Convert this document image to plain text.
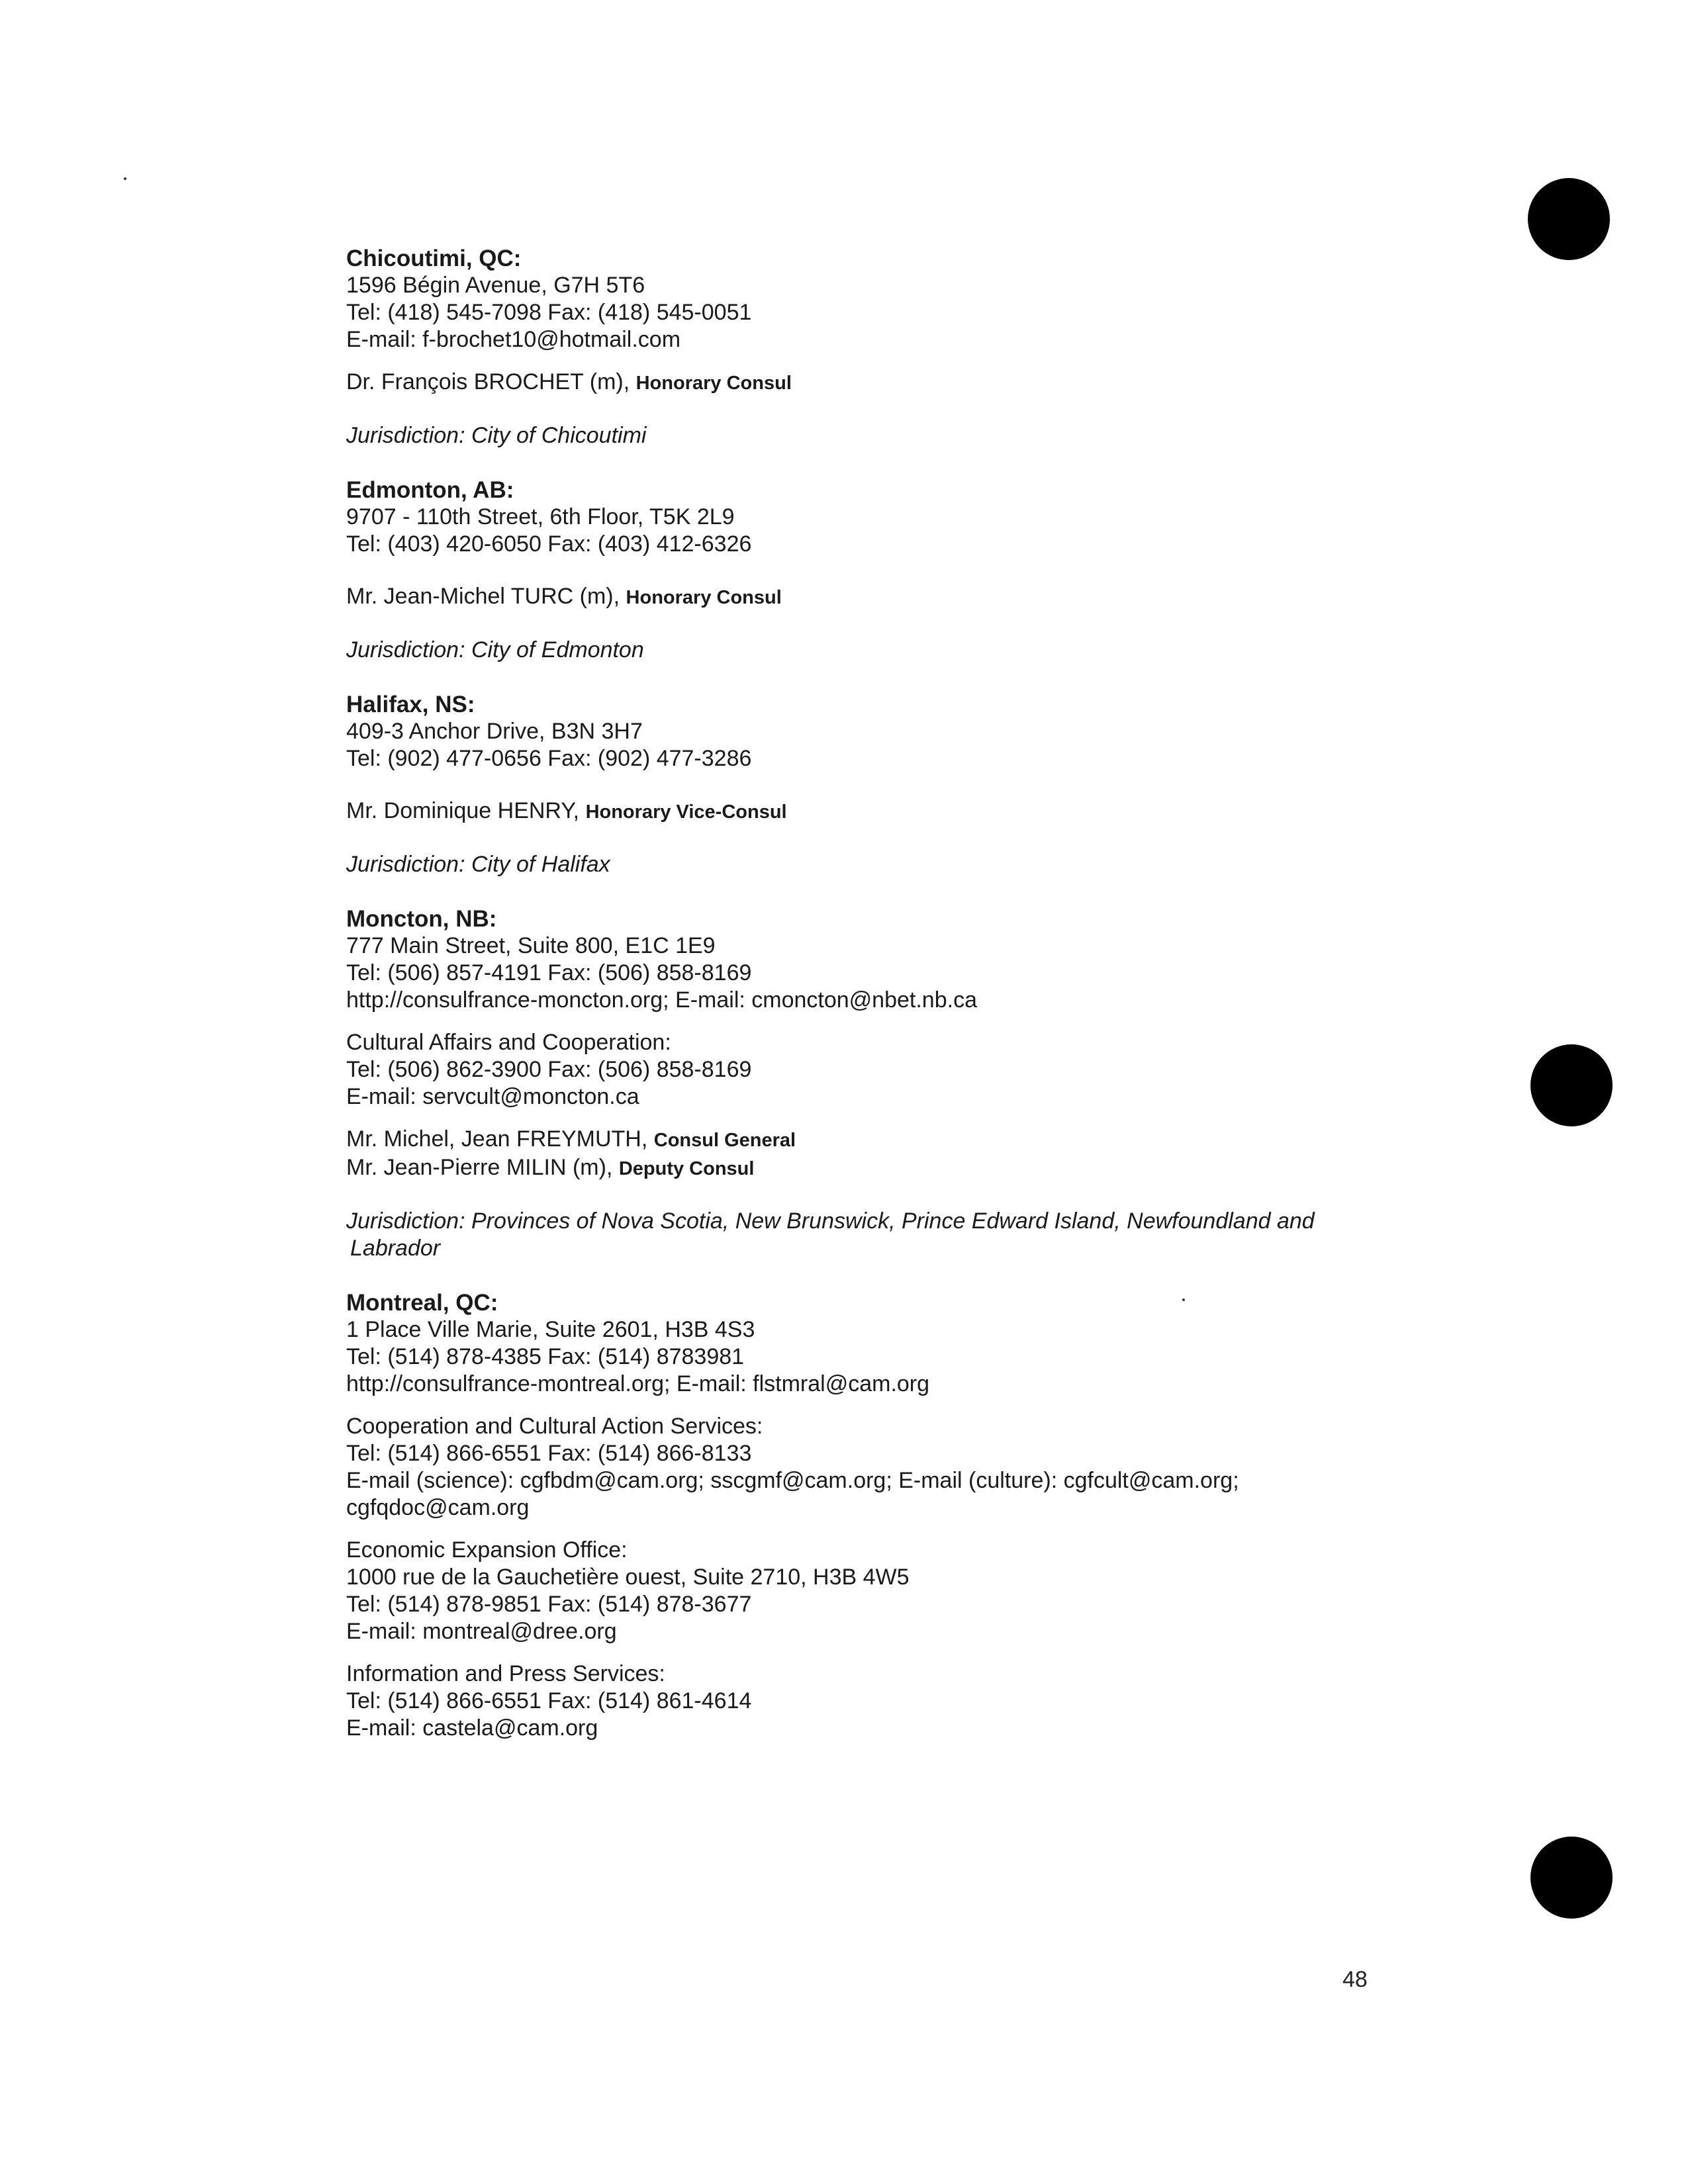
Chicoutimi, QC:
1596 Bégin Avenue, G7H 5T6
Tel: (418) 545-7098 Fax: (418) 545-0051
E-mail: f-brochet10@hotmail.com
Dr. François BROCHET (m), Honorary Consul
Jurisdiction: City of Chicoutimi
Edmonton, AB:
9707 - 110th Street, 6th Floor, T5K 2L9
Tel: (403) 420-6050 Fax: (403) 412-6326
Mr. Jean-Michel TURC (m), Honorary Consul
Jurisdiction: City of Edmonton
Halifax, NS:
409-3 Anchor Drive, B3N 3H7
Tel: (902) 477-0656 Fax: (902) 477-3286
Mr. Dominique HENRY, Honorary Vice-Consul
Jurisdiction: City of Halifax
Moncton, NB:
777 Main Street, Suite 800, E1C 1E9
Tel: (506) 857-4191 Fax: (506) 858-8169
http://consulfrance-moncton.org; E-mail: cmoncton@nbet.nb.ca
Cultural Affairs and Cooperation:
Tel: (506) 862-3900 Fax: (506) 858-8169
E-mail: servcult@moncton.ca
Mr. Michel, Jean FREYMUTH, Consul General
Mr. Jean-Pierre MILIN (m), Deputy Consul
Jurisdiction: Provinces of Nova Scotia, New Brunswick, Prince Edward Island, Newfoundland and
Labrador
Montreal, QC:
1 Place Ville Marie, Suite 2601, H3B 4S3
Tel: (514) 878-4385 Fax: (514) 8783981
http://consulfrance-montreal.org; E-mail: flstmral@cam.org
Cooperation and Cultural Action Services:
Tel: (514) 866-6551 Fax: (514) 866-8133
E-mail (science): cgfbdm@cam.org; sscgmf@cam.org; E-mail (culture): cgfcult@cam.org;
cgfqdoc@cam.org
Economic Expansion Office:
1000 rue de la Gauchetière ouest, Suite 2710, H3B 4W5
Tel: (514) 878-9851 Fax: (514) 878-3677
E-mail: montreal@dree.org
Information and Press Services:
Tel: (514) 866-6551 Fax: (514) 861-4614
E-mail: castela@cam.org
48
